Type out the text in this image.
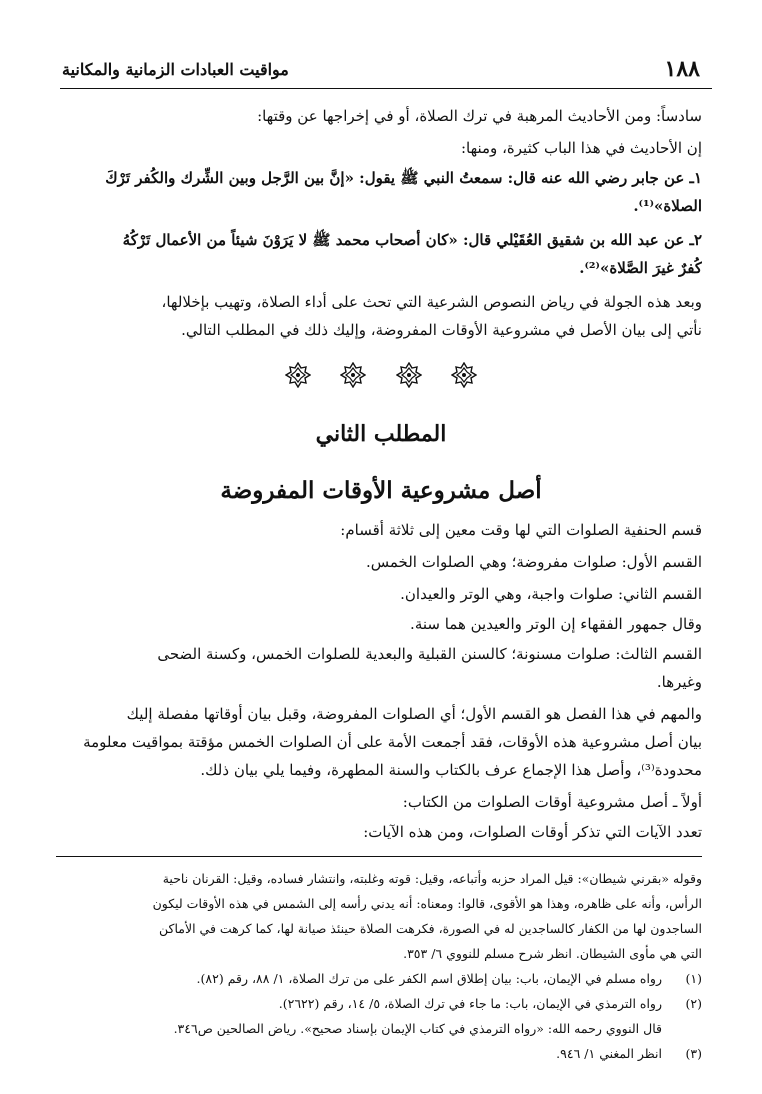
١٨٨
مواقيت العبادات الزمانية والمكانية
سادساً: ومن الأحاديث المرهبة في ترك الصلاة، أو في إخراجها عن وقتها:
إن الأحاديث في هذا الباب كثيرة، ومنها:
١ـ عن جابر رضي الله عنه قال: سمعتُ النبي ﷺ يقول: «إنَّ بين الرَّجل وبين الشِّرك والكُفر تَرْكَ
الصلاة»⁽¹⁾.
٢ـ عن عبد الله بن شقيق العُقَيْلي قال: «كان أصحاب محمد ﷺ لا يَرَوْنَ شيئاً من الأعمال تَرْكُهُ
كُفرٌ غيرَ الصَّلاة»⁽²⁾.
وبعد هذه الجولة في رياض النصوص الشرعية التي تحث على أداء الصلاة، وتهيب بإخلالها،
نأتي إلى بيان الأصل في مشروعية الأوقات المفروضة، وإليك ذلك في المطلب التالي.

المطلب الثاني
أصل مشروعية الأوقات المفروضة
قسم الحنفية الصلوات التي لها وقت معين إلى ثلاثة أقسام:
القسم الأول: صلوات مفروضة؛ وهي الصلوات الخمس.
القسم الثاني: صلوات واجبة، وهي الوتر والعيدان.
وقال جمهور الفقهاء إن الوتر والعيدين هما سنة.
القسم الثالث: صلوات مسنونة؛ كالسنن القبلية والبعدية للصلوات الخمس، وكسنة الضحى
وغيرها.
والمهم في هذا الفصل هو القسم الأول؛ أي الصلوات المفروضة، وقبل بيان أوقاتها مفصلة إليك
بيان أصل مشروعية هذه الأوقات، فقد أجمعت الأمة على أن الصلوات الخمس مؤقتة بمواقيت معلومة
محدودة⁽³⁾، وأصل هذا الإجماع عرف بالكتاب والسنة المطهرة، وفيما يلي بيان ذلك.
أولاً ـ أصل مشروعية أوقات الصلوات من الكتاب:
تعدد الآيات التي تذكر أوقات الصلوات، ومن هذه الآيات:
وقوله «بقرني شيطان»: قيل المراد حزبه وأتباعه، وقيل: قوته وغلبته، وانتشار فساده، وقيل: القرنان ناحية
الرأس، وأنه على ظاهره، وهذا هو الأقوى، قالوا: ومعناه: أنه يدني رأسه إلى الشمس في هذه الأوقات ليكون
الساجدون لها من الكفار كالساجدين له في الصورة، فكرهت الصلاة حينئذ صيانة لها، كما كرهت في الأماكن
التي هي مأوى الشيطان. انظر شرح مسلم للنووي ٦/ ٣٥٣.
(١)
رواه مسلم في الإيمان، باب: بيان إطلاق اسم الكفر على من ترك الصلاة، ١/ ٨٨، رقم (٨٢).
(٢)
رواه الترمذي في الإيمان، باب: ما جاء في ترك الصلاة، ٥/ ١٤، رقم (٢٦٢٢).
قال النووي رحمه الله: «رواه الترمذي في كتاب الإيمان بإسناد صحيح». رياض الصالحين ص٣٤٦.
(٣)
انظر المغني ١/ ٩٤٦.
